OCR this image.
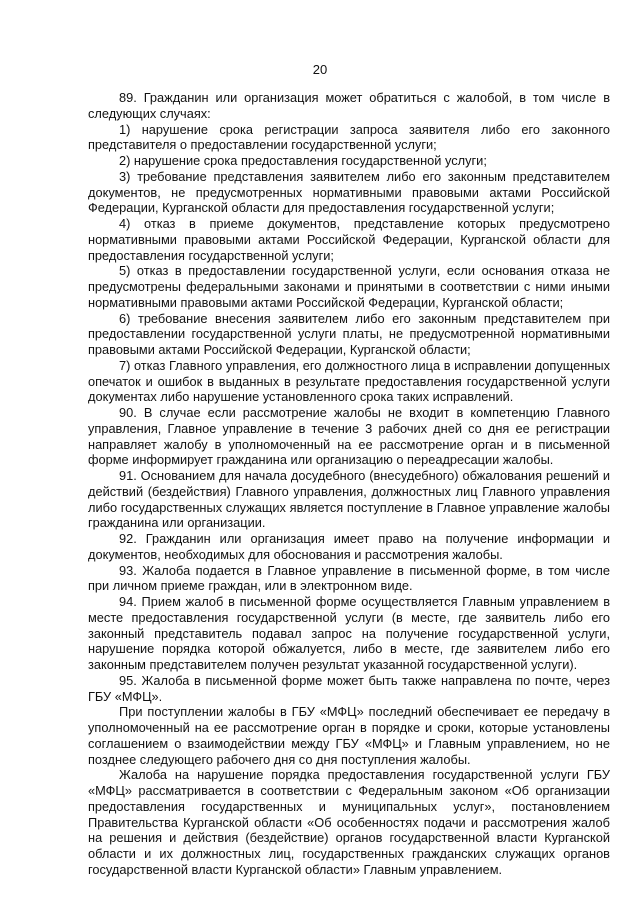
20

89. Гражданин или организация может обратиться с жалобой, в том числе в следующих случаях:

1) нарушение срока регистрации запроса заявителя либо его законного представителя о предоставлении государственной услуги;

2) нарушение срока предоставления государственной услуги;

3) требование представления заявителем либо его законным представителем документов, не предусмотренных нормативными правовыми актами Российской Федерации, Курганской области для предоставления государственной услуги;

4) отказ в приеме документов, представление которых предусмотрено нормативными правовыми актами Российской Федерации, Курганской области для предоставления государственной услуги;

5) отказ в предоставлении государственной услуги, если основания отказа не предусмотрены федеральными законами и принятыми в соответствии с ними иными нормативными правовыми актами Российской Федерации, Курганской области;

6) требование внесения заявителем либо его законным представителем при предоставлении государственной услуги платы, не предусмотренной нормативными правовыми актами Российской Федерации, Курганской области;

7) отказ Главного управления, его должностного лица в исправлении допущенных опечаток и ошибок в выданных в результате предоставления государственной услуги документах либо нарушение установленного срока таких исправлений.

90. В случае если рассмотрение жалобы не входит в компетенцию Главного управления, Главное управление в течение 3 рабочих дней со дня ее регистрации направляет жалобу в уполномоченный на ее рассмотрение орган и в письменной форме информирует гражданина или организацию о переадресации жалобы.

91. Основанием для начала досудебного (внесудебного) обжалования решений и действий (бездействия) Главного управления, должностных лиц Главного управления либо государственных служащих является поступление в Главное управление жалобы гражданина или организации.

92. Гражданин или организация имеет право на получение информации и документов, необходимых для обоснования и рассмотрения жалобы.

93. Жалоба подается в Главное управление в письменной форме, в том числе при личном приеме граждан, или в электронном виде.

94. Прием жалоб в письменной форме осуществляется Главным управлением в месте предоставления государственной услуги (в месте, где заявитель либо его законный представитель подавал запрос на получение государственной услуги, нарушение порядка которой обжалуется, либо в месте, где заявителем либо его законным представителем получен результат указанной государственной услуги).

95. Жалоба в письменной форме может быть также направлена по почте, через ГБУ «МФЦ».

При поступлении жалобы в ГБУ «МФЦ» последний обеспечивает ее передачу в уполномоченный на ее рассмотрение орган в порядке и сроки, которые установлены соглашением о взаимодействии между ГБУ «МФЦ» и Главным управлением, но не позднее следующего рабочего дня со дня поступления жалобы.

Жалоба на нарушение порядка предоставления государственной услуги ГБУ «МФЦ» рассматривается в соответствии с Федеральным законом «Об организации предоставления государственных и муниципальных услуг», постановлением Правительства Курганской области «Об особенностях подачи и рассмотрения жалоб на решения и действия (бездействие) органов государственной власти Курганской области и их должностных лиц, государственных гражданских служащих органов государственной власти Курганской области» Главным управлением.
